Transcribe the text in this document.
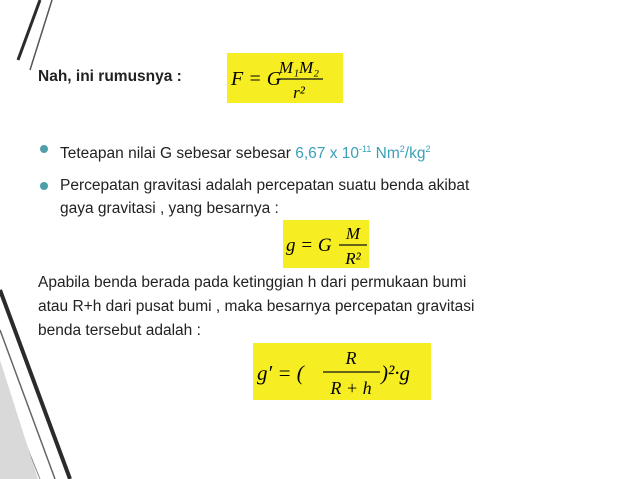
Nah, ini rumusnya : F = G
M₁M₂
r²
Teteapan nilai G sebesar sebesar 6,67 x $10^{-11}$ $Nm^2/kg^2$
Percepatan gravitasi adalah percepatan suatu benda akibat
gaya gravitasi , yang besarnya :
g = G
M
R²
Apabila benda berada pada ketinggian h dari permukaan bumi
atau R+h dari pusat bumi , maka besarnya percepatan gravitasi
benda tersebut adalah :
g′ = (
R
R + h
)²·g
